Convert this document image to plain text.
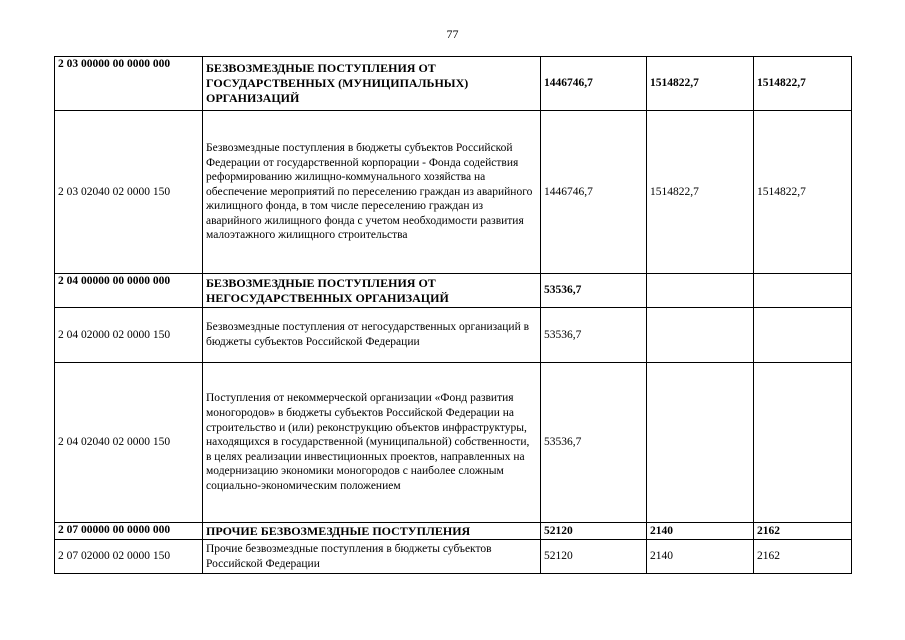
77
2 03 00000 00 0000 000	БЕЗВОЗМЕЗДНЫЕ ПОСТУПЛЕНИЯ ОТ ГОСУДАРСТВЕННЫХ (МУНИЦИПАЛЬНЫХ) ОРГАНИЗАЦИЙ	1446746,7	1514822,7	1514822,7
2 03 02040 02 0000 150	Безвозмездные поступления в бюджеты субъектов Российской Федерации от государственной корпорации - Фонда содействия реформированию жилищно-коммунального хозяйства на обеспечение мероприятий по переселению граждан из аварийного жилищного фонда, в том числе переселению граждан из аварийного жилищного фонда с учетом необходимости развития малоэтажного жилищного строительства	1446746,7	1514822,7	1514822,7
2 04 00000 00 0000 000	БЕЗВОЗМЕЗДНЫЕ ПОСТУПЛЕНИЯ ОТ НЕГОСУДАРСТВЕННЫХ ОРГАНИЗАЦИЙ	53536,7		
2 04 02000 02 0000 150	Безвозмездные поступления от негосударственных организаций в бюджеты субъектов Российской Федерации	53536,7		
2 04 02040 02 0000 150	Поступления от некоммерческой организации «Фонд развития моногородов» в бюджеты субъектов Российской Федерации на строительство и (или) реконструкцию объектов инфраструктуры, находящихся в государственной (муниципальной) собственности, в целях реализации инвестиционных проектов, направленных на модернизацию экономики моногородов с наиболее сложным социально-экономическим положением	53536,7		
2 07 00000 00 0000 000	ПРОЧИЕ БЕЗВОЗМЕЗДНЫЕ ПОСТУПЛЕНИЯ	52120	2140	2162
2 07 02000 02 0000 150	Прочие безвозмездные поступления в бюджеты субъектов Российской Федерации	52120	2140	2162
